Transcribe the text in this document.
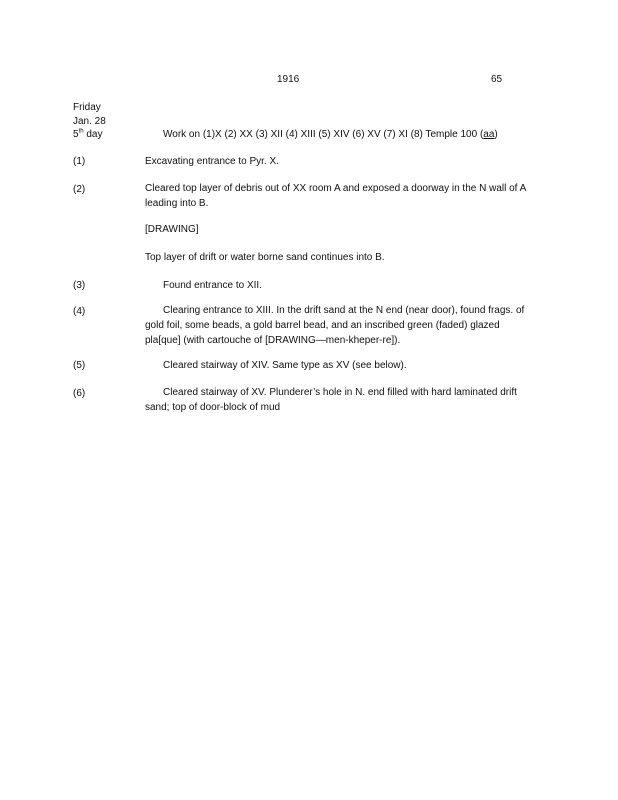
1916	65
Friday
Jan. 28
5th day	Work on (1)X (2) XX (3) XII (4) XIII (5) XIV (6) XV (7) XI (8) Temple 100 (aa)
(1)	Excavating entrance to Pyr. X.
(2)	Cleared top layer of debris out of XX room A and exposed a doorway in the N wall of A leading into B.
[DRAWING]
Top layer of drift or water borne sand continues into B.
(3)	Found entrance to XII.
(4)	Clearing entrance to XIII. In the drift sand at the N end (near door), found frags. of gold foil, some beads, a gold barrel bead, and an inscribed green (faded) glazed pla[que] (with cartouche of [DRAWING—men-kheper-re]).
(5)	Cleared stairway of XIV. Same type as XV (see below).
(6)	Cleared stairway of XV. Plunderer’s hole in N. end filled with hard laminated drift sand; top of door-block of mud
